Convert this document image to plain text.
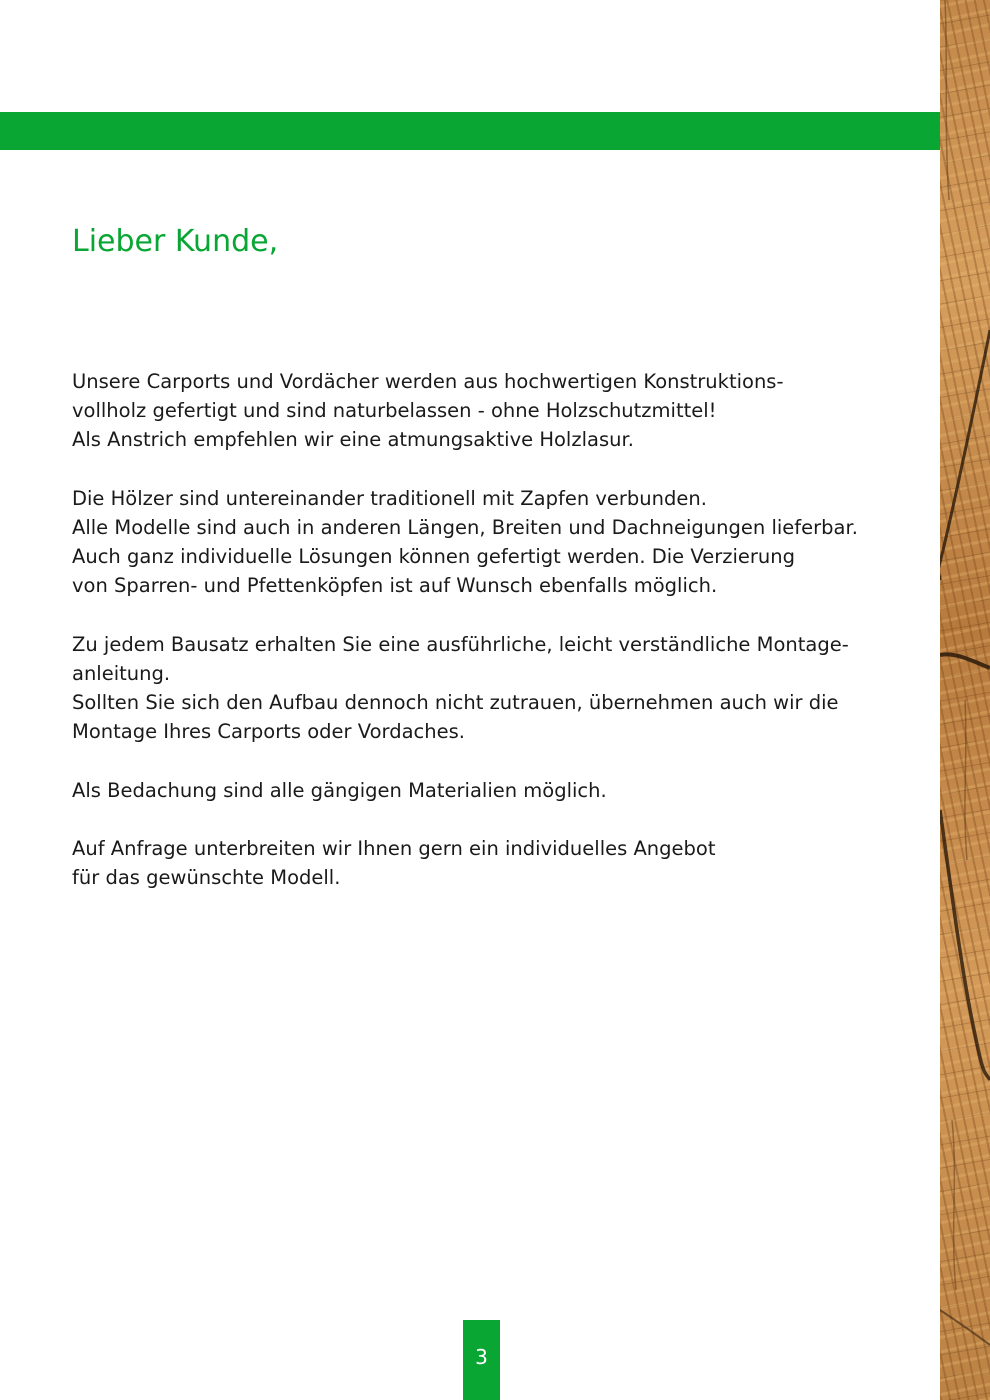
Lieber Kunde,

Unsere Carports und Vordächer werden aus hochwertigen Konstruktions-
vollholz gefertigt und sind naturbelassen - ohne Holzschutzmittel!
Als Anstrich empfehlen wir eine atmungsaktive Holzlasur.

Die Hölzer sind untereinander traditionell mit Zapfen verbunden.
Alle Modelle sind auch in anderen Längen, Breiten und Dachneigungen lieferbar.
Auch ganz individuelle Lösungen können gefertigt werden. Die Verzierung
von Sparren- und Pfettenköpfen ist auf Wunsch ebenfalls möglich.

Zu jedem Bausatz erhalten Sie eine ausführliche, leicht verständliche Montage-
anleitung.
Sollten Sie sich den Aufbau dennoch nicht zutrauen, übernehmen auch wir die
Montage Ihres Carports oder Vordaches.

Als Bedachung sind alle gängigen Materialien möglich.

Auf Anfrage unterbreiten wir Ihnen gern ein individuelles Angebot
für das gewünschte Modell.

3
